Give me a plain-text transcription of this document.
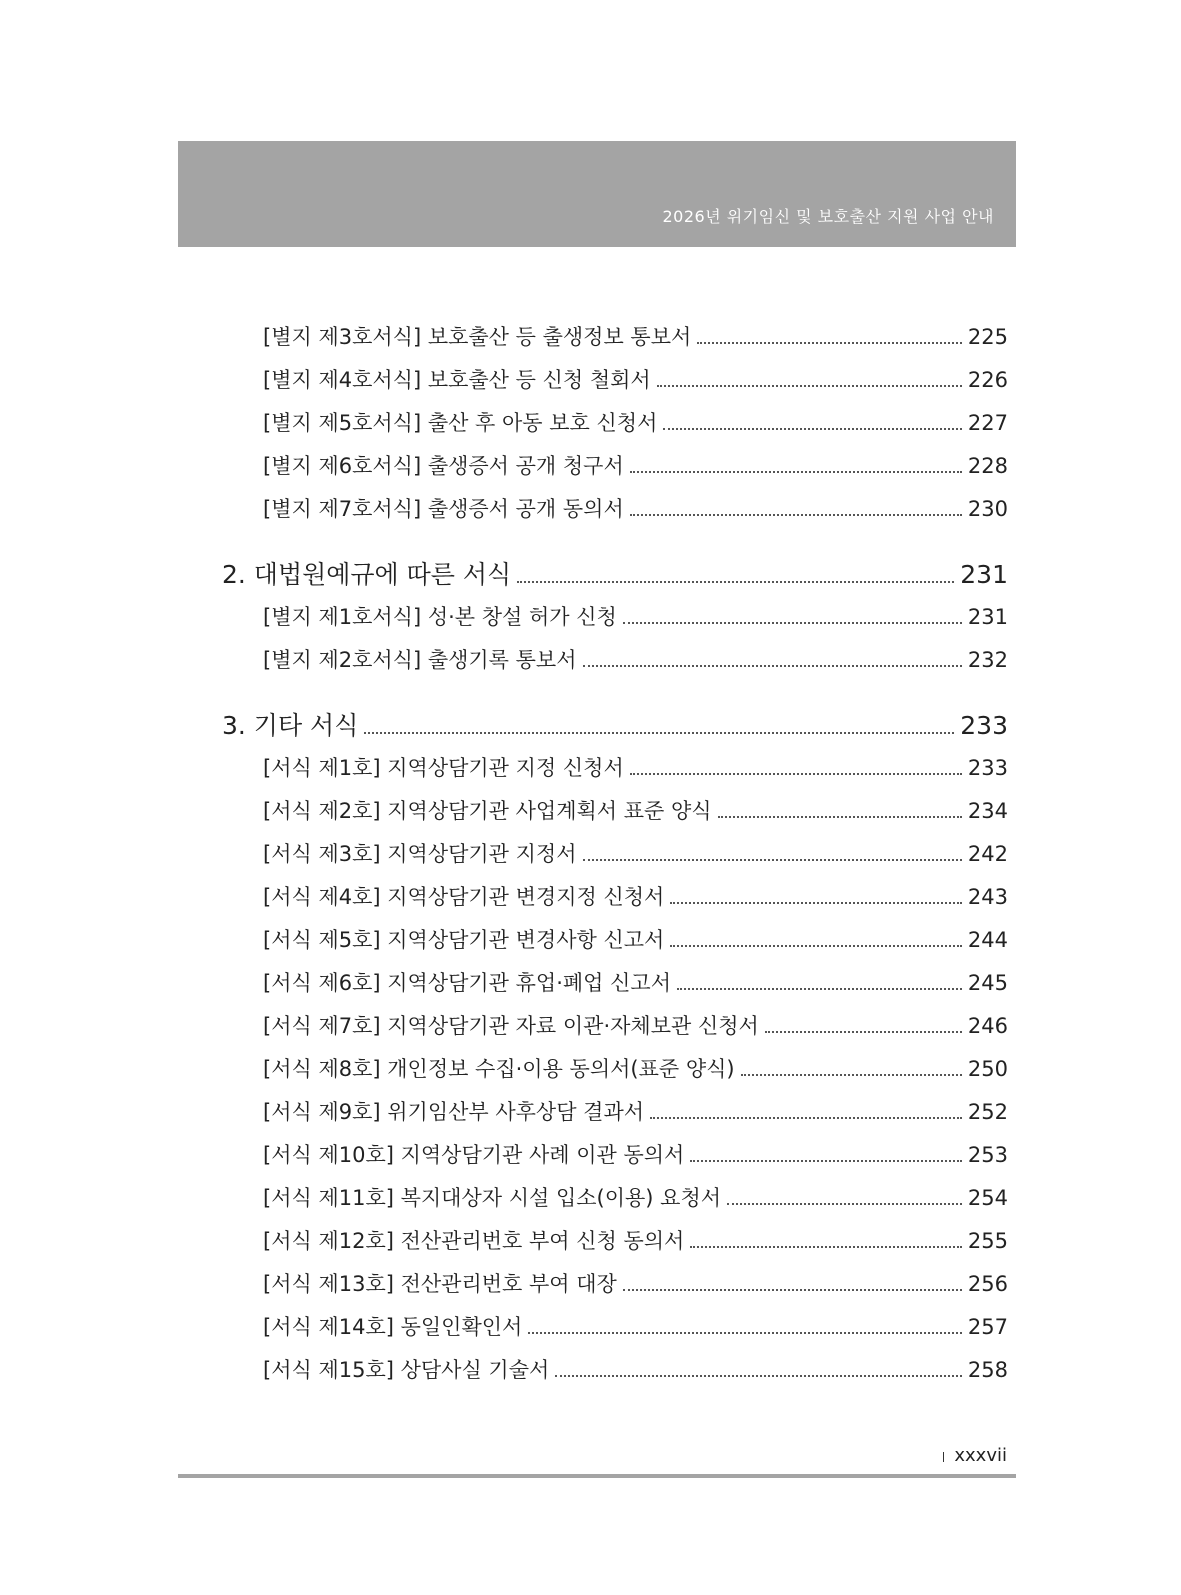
2026년 위기임신 및 보호출산 지원 사업 안내
[별지 제3호서식] 보호출산 등 출생정보 통보서	225
[별지 제4호서식] 보호출산 등 신청 철회서	226
[별지 제5호서식] 출산 후 아동 보호 신청서	227
[별지 제6호서식] 출생증서 공개 청구서	228
[별지 제7호서식] 출생증서 공개 동의서	230
2. 대법원예규에 따른 서식	231
[별지 제1호서식] 성·본 창설 허가 신청	231
[별지 제2호서식] 출생기록 통보서	232
3. 기타 서식	233
[서식 제1호] 지역상담기관 지정 신청서	233
[서식 제2호] 지역상담기관 사업계획서 표준 양식	234
[서식 제3호] 지역상담기관 지정서	242
[서식 제4호] 지역상담기관 변경지정 신청서	243
[서식 제5호] 지역상담기관 변경사항 신고서	244
[서식 제6호] 지역상담기관 휴업·폐업 신고서	245
[서식 제7호] 지역상담기관 자료 이관·자체보관 신청서	246
[서식 제8호] 개인정보 수집·이용 동의서(표준 양식)	250
[서식 제9호] 위기임산부 사후상담 결과서	252
[서식 제10호] 지역상담기관 사례 이관 동의서	253
[서식 제11호] 복지대상자 시설 입소(이용) 요청서	254
[서식 제12호] 전산관리번호 부여 신청 동의서	255
[서식 제13호] 전산관리번호 부여 대장	256
[서식 제14호] 동일인확인서	257
[서식 제15호] 상담사실 기술서	258
xxxvii
